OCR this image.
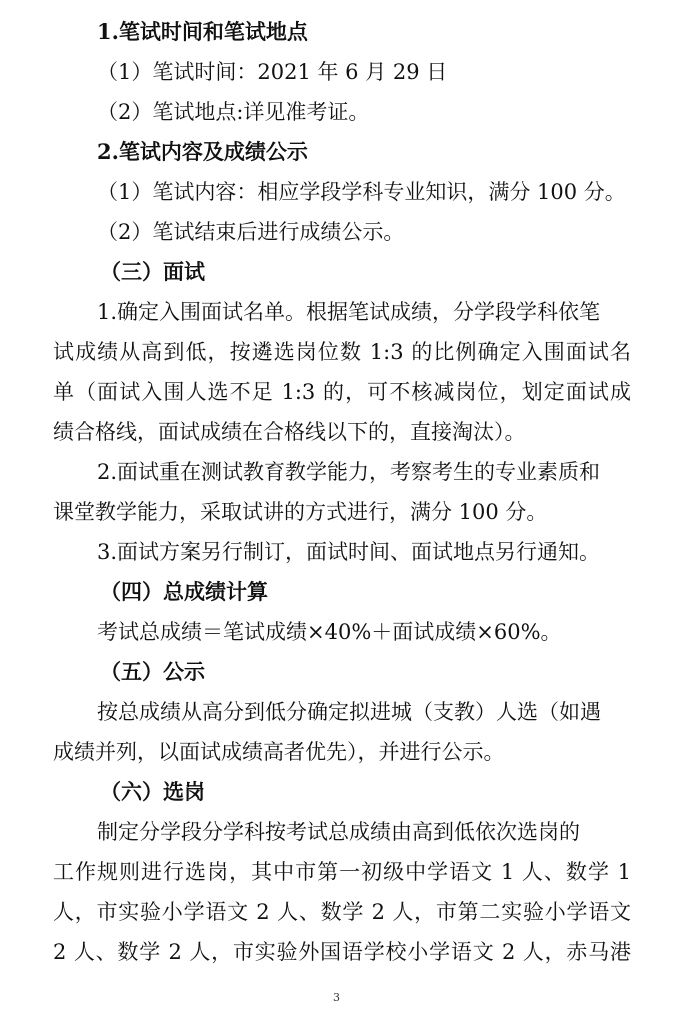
1.笔试时间和笔试地点
（1）笔试时间：2021 年 6 月 29 日
（2）笔试地点:详见准考证。
2.笔试内容及成绩公示
（1）笔试内容：相应学段学科专业知识，满分 100 分。
（2）笔试结束后进行成绩公示。
（三）面试
1.确定入围面试名单。根据笔试成绩，分学段学科依笔
试成绩从高到低，按遴选岗位数 1:3 的比例确定入围面试名
单（面试入围人选不足 1:3 的，可不核减岗位，划定面试成
绩合格线，面试成绩在合格线以下的，直接淘汰）。
2.面试重在测试教育教学能力，考察考生的专业素质和
课堂教学能力，采取试讲的方式进行，满分 100 分。
3.面试方案另行制订，面试时间、面试地点另行通知。
（四）总成绩计算
考试总成绩＝笔试成绩×40%＋面试成绩×60%。
（五）公示
按总成绩从高分到低分确定拟进城（支教）人选（如遇
成绩并列，以面试成绩高者优先），并进行公示。
（六）选岗
制定分学段分学科按考试总成绩由高到低依次选岗的
工作规则进行选岗，其中市第一初级中学语文 1 人、数学 1
人，市实验小学语文 2 人、数学 2 人，市第二实验小学语文
2 人、数学 2 人，市实验外国语学校小学语文 2 人，赤马港
3
